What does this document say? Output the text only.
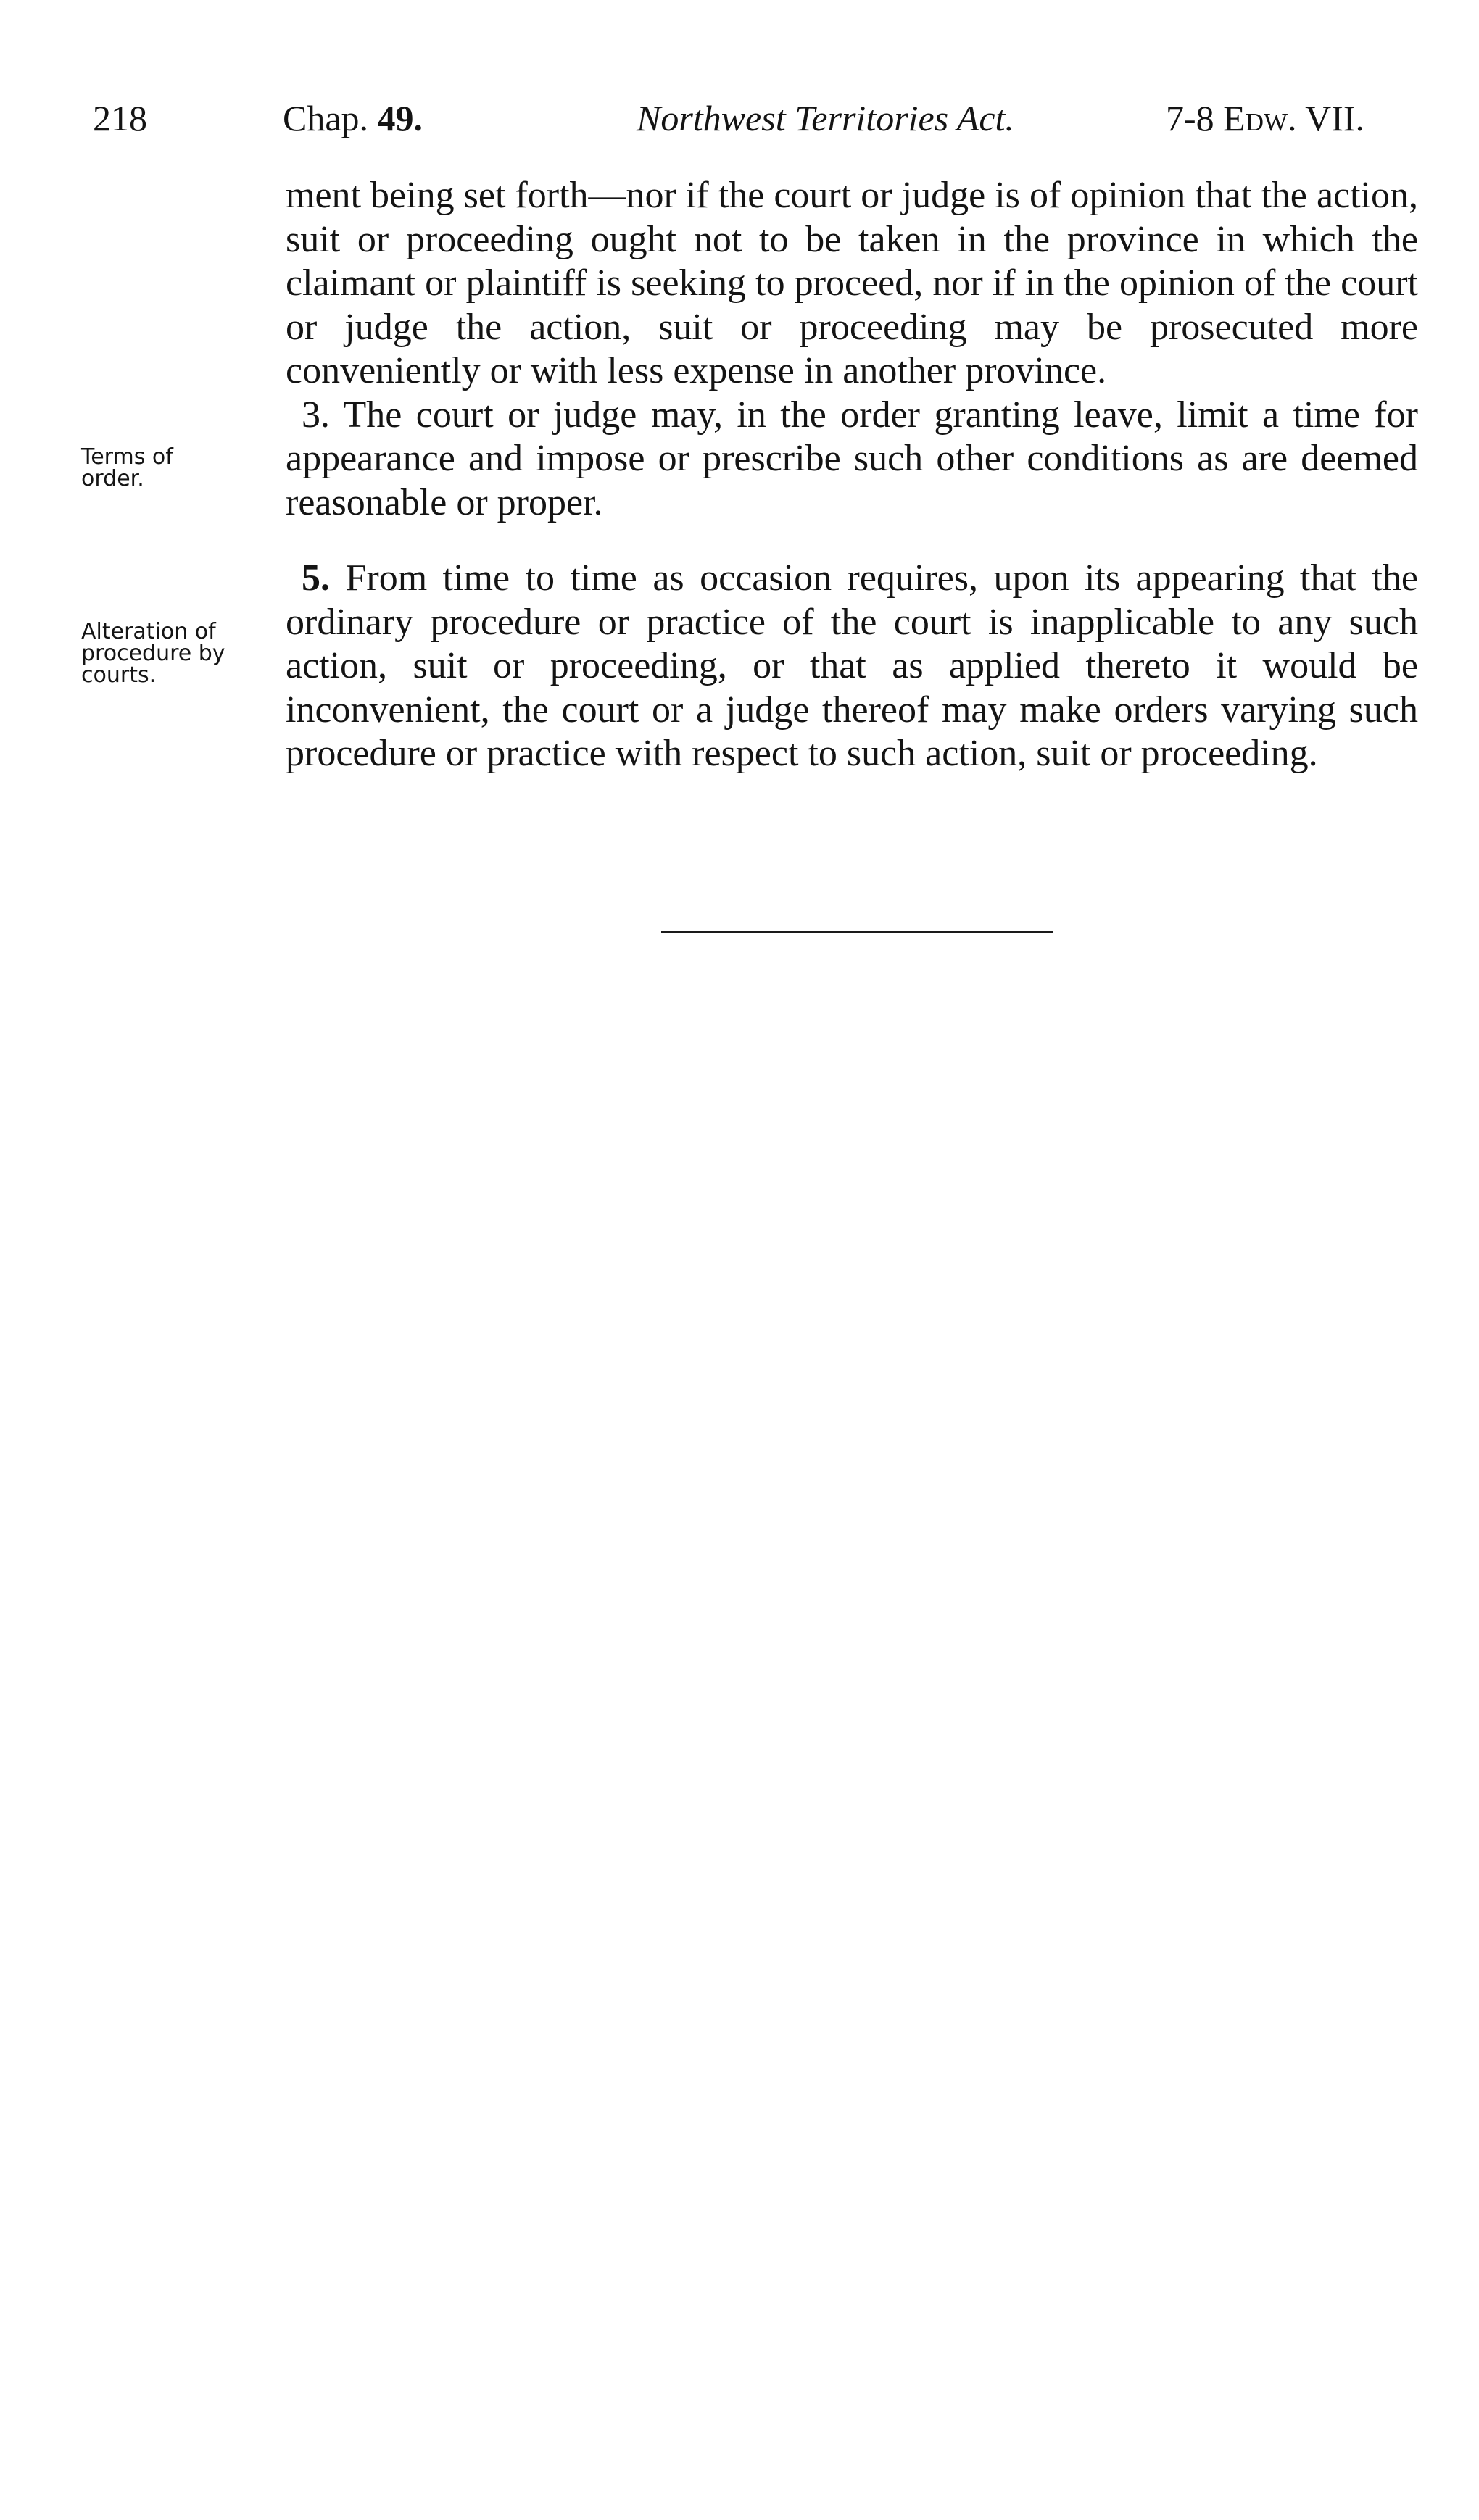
218	Chap. 49.	Northwest Territories Act.	7-8 Edw. VII.
Terms of
order.
Alteration of
procedure by
courts.

ment being set forth—nor if the court or judge is of opinion that the action, suit or proceeding ought not to be taken in the province in which the claimant or plaintiff is seeking to proceed, nor if in the opinion of the court or judge the action, suit or proceeding may be prosecuted more conveniently or with less expense in another province.

3. The court or judge may, in the order granting leave, limit a time for appearance and impose or prescribe such other conditions as are deemed reasonable or proper.

5. From time to time as occasion requires, upon its appearing that the ordinary procedure or practice of the court is inapplicable to any such action, suit or proceeding, or that as applied thereto it would be inconvenient, the court or a judge thereof may make orders varying such procedure or practice with respect to such action, suit or proceeding.
